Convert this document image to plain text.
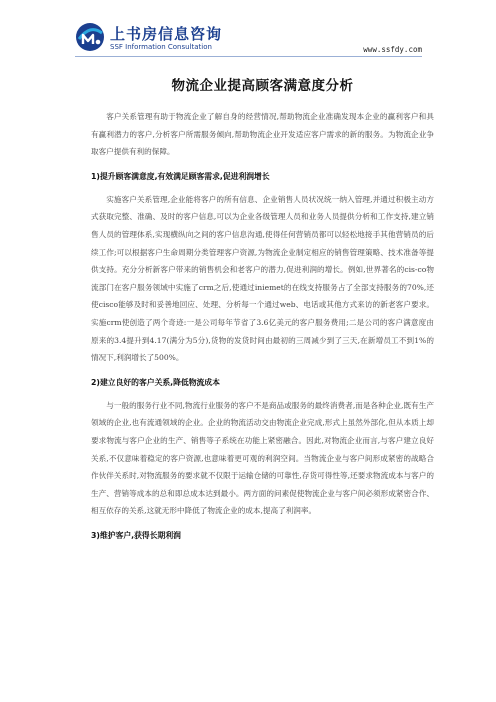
上书房信息咨询
SSF Information Consultation	www.ssfdy.com
物流企业提高顾客满意度分析

客户关系管理有助于物流企业了解自身的经营情况,帮助物流企业准确发现本企业的赢利客户和具有赢利潜力的客户,分析客户所需服务倾向,帮助物流企业开发适应客户需求的新的服务。为物流企业争取客户提供有利的保障。

1)提升顾客满意度,有效满足顾客需求,促进利润增长

实施客户关系管理,企业能将客户的所有信息、企业销售人员状况统一纳入管理,并通过积极主动方式获取完整、准确、及时的客户信息,可以为企业各级管理人员和业务人员提供分析和工作支持,建立销售人员的管理体系,实现横纵向之间的客户信息沟通,使得任何营销员都可以轻松地接手其他营销员的后续工作;可以根据客户生命周期分类管理客户资源,为物流企业制定相应的销售管理策略、技术准备等提供支持。充分分析新客户带来的销售机会和老客户的潜力,促进利润的增长。例如,世界著名的cis-co物流部门在客户服务领域中实施了crm之后,使通过iniemet的在线支持服务占了全部支持服务的70%,还使cisco能够及时和妥善地回应、处理、分析每一个通过web、电话或其他方式来访的新老客户要求。实施crm使创造了两个奇迹:一是公司每年节省了3.6亿美元的客户服务费用;二是公司的客户满意度由原来的3.4提升到4.17(满分为5分),货物的发货时间由最初的三周减少到了三天,在新增员工不到1%的情况下,利润增长了500%。

2)建立良好的客户关系,降低物流成本

与一般的服务行业不同,物流行业服务的客户不是商品或服务的最终消费者,而是各种企业,既有生产领域的企业,也有流通领域的企业。企业的物流活动交由物流企业完成,形式上虽然外部化,但从本质上却要求物流与客户企业的生产、销售等子系统在功能上紧密融合。因此,对物流企业而言,与客户建立良好关系,不仅意味着稳定的客户资源,也意味着更可观的利润空间。当物流企业与客户间形成紧密的战略合作伙伴关系时,对物流服务的要求就不仅限于运输仓储的可靠性,存货可得性等,还要求物流成本与客户的生产、营销等成本的总和即总成本达到最小。两方面的问素促使物流企业与客户间必须形成紧密合作、相互依存的关系,这就无形中降低了物流企业的成本,提高了利润率。

3)维护客户,获得长期利润
